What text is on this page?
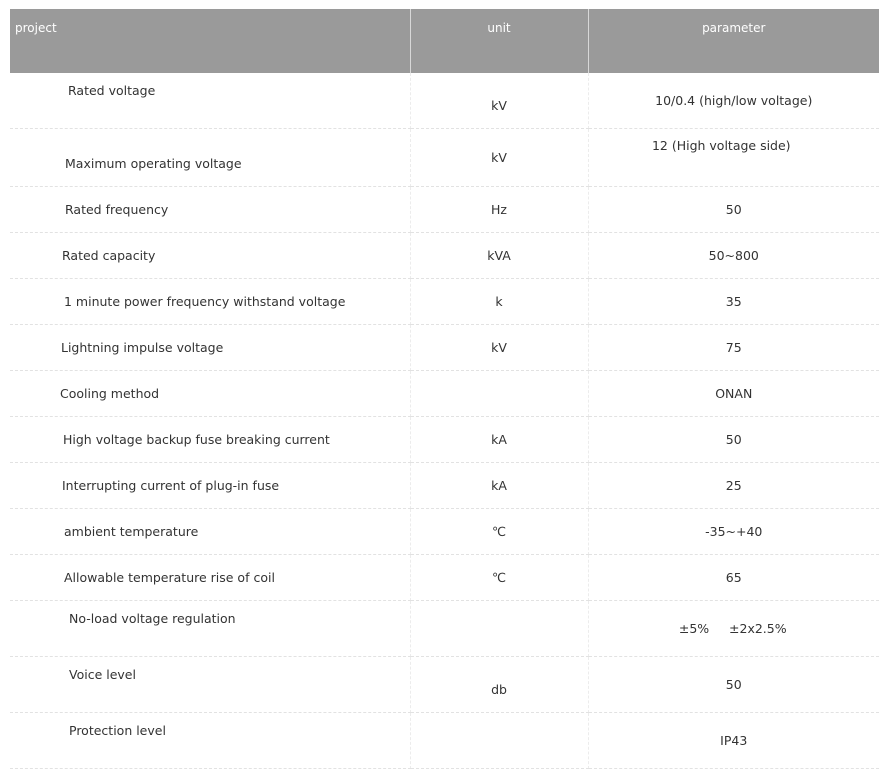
project	unit	parameter
Rated voltage	kV	10/0.4 (high/low voltage)
Maximum operating voltage	kV	12 (High voltage side)
Rated frequency	Hz	50
Rated capacity	kVA	50~800
1 minute power frequency withstand voltage	k	35
Lightning impulse voltage	kV	75
Cooling method		ONAN
High voltage backup fuse breaking current	kA	50
Interrupting current of plug-in fuse	kA	25
ambient temperature	℃	-35~+40
Allowable temperature rise of coil	℃	65
No-load voltage regulation		±5%     ±2x2.5%
Voice level	db	50
Protection level		IP43
